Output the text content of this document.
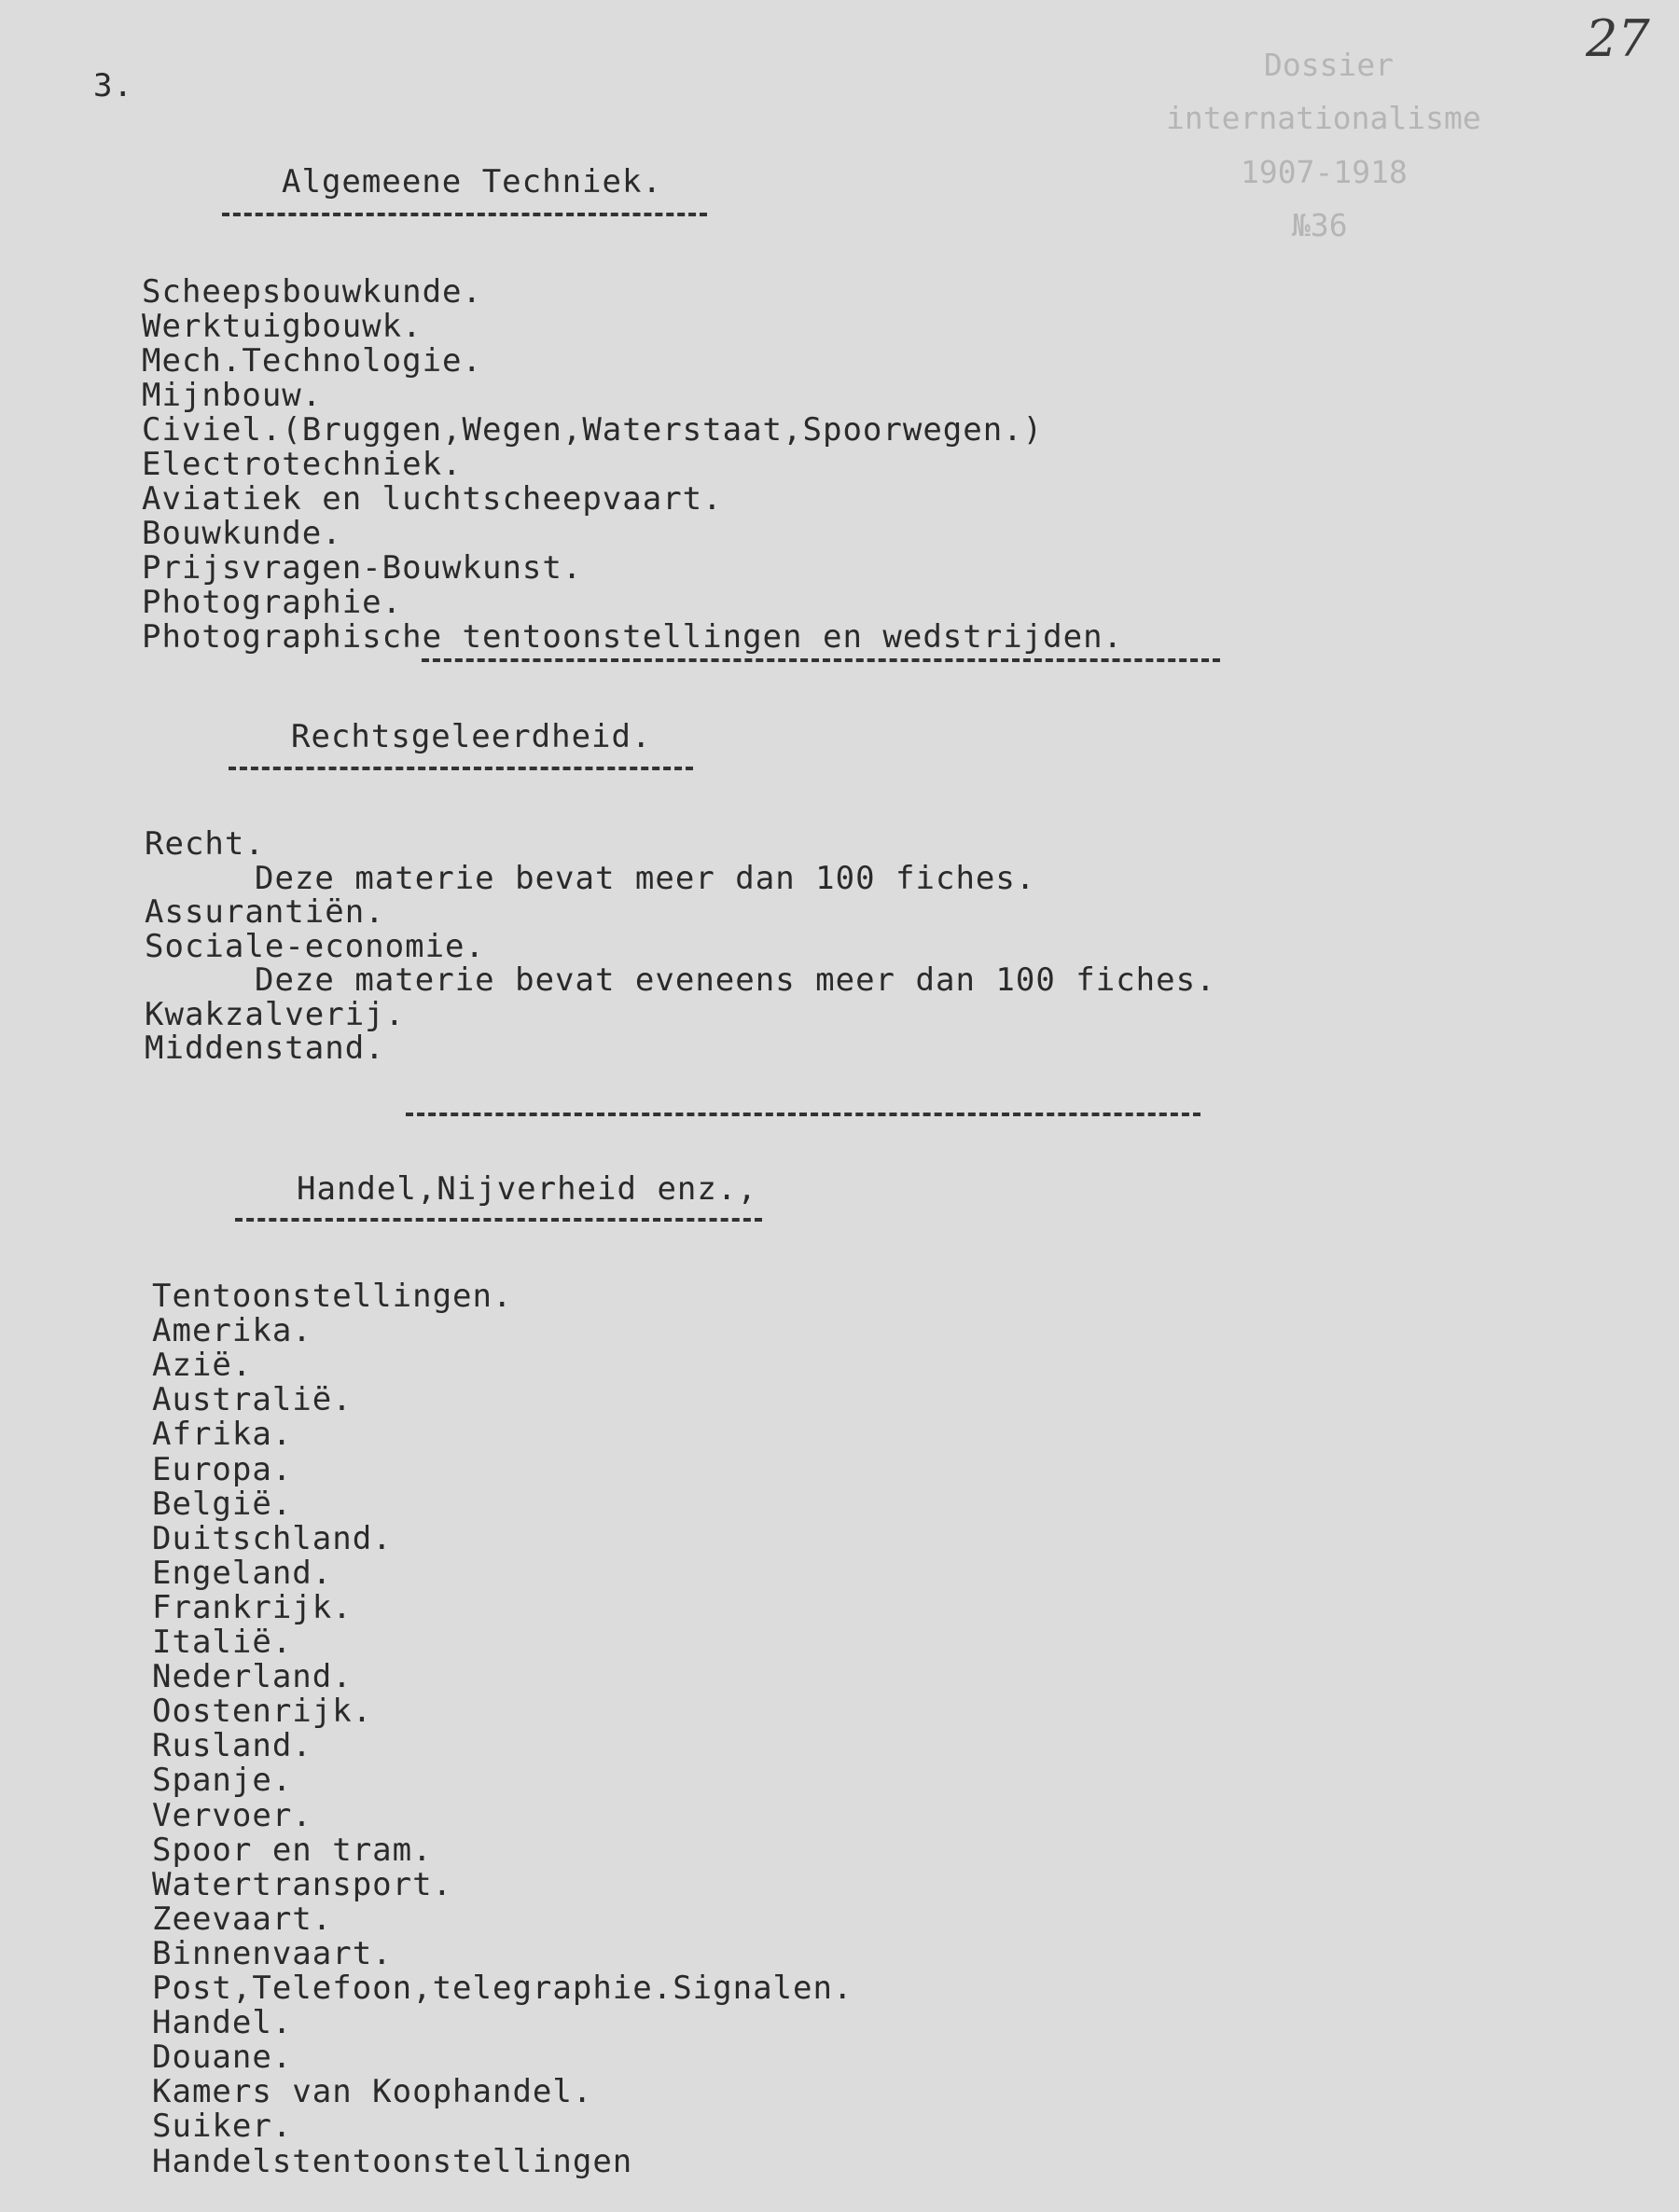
3.
Dossier
internationalisme
1907-1918
№36
27
Algemeene Techniek.
Scheepsbouwkunde.
Werktuigbouwk.
Mech.Technologie.
Mijnbouw.
Civiel.(Bruggen,Wegen,Waterstaat,Spoorwegen.)
Electrotechniek.
Aviatiek en luchtscheepvaart.
Bouwkunde.
Prijsvragen-Bouwkunst.
Photographie.
Photographische tentoonstellingen en wedstrijden.
Rechtsgeleerdheid.
Recht.
Deze materie bevat meer dan 100 fiches.
Assurantiën.
Sociale-economie.
Deze materie bevat eveneens meer dan 100 fiches.
Kwakzalverij.
Middenstand.
Handel,Nijverheid enz.,
Tentoonstellingen.
Amerika.
Azië.
Australië.
Afrika.
Europa.
België.
Duitschland.
Engeland.
Frankrijk.
Italië.
Nederland.
Oostenrijk.
Rusland.
Spanje.
Vervoer.
Spoor en tram.
Watertransport.
Zeevaart.
Binnenvaart.
Post,Telefoon,telegraphie.Signalen.
Handel.
Douane.
Kamers van Koophandel.
Suiker.
Handelstentoonstellingen
